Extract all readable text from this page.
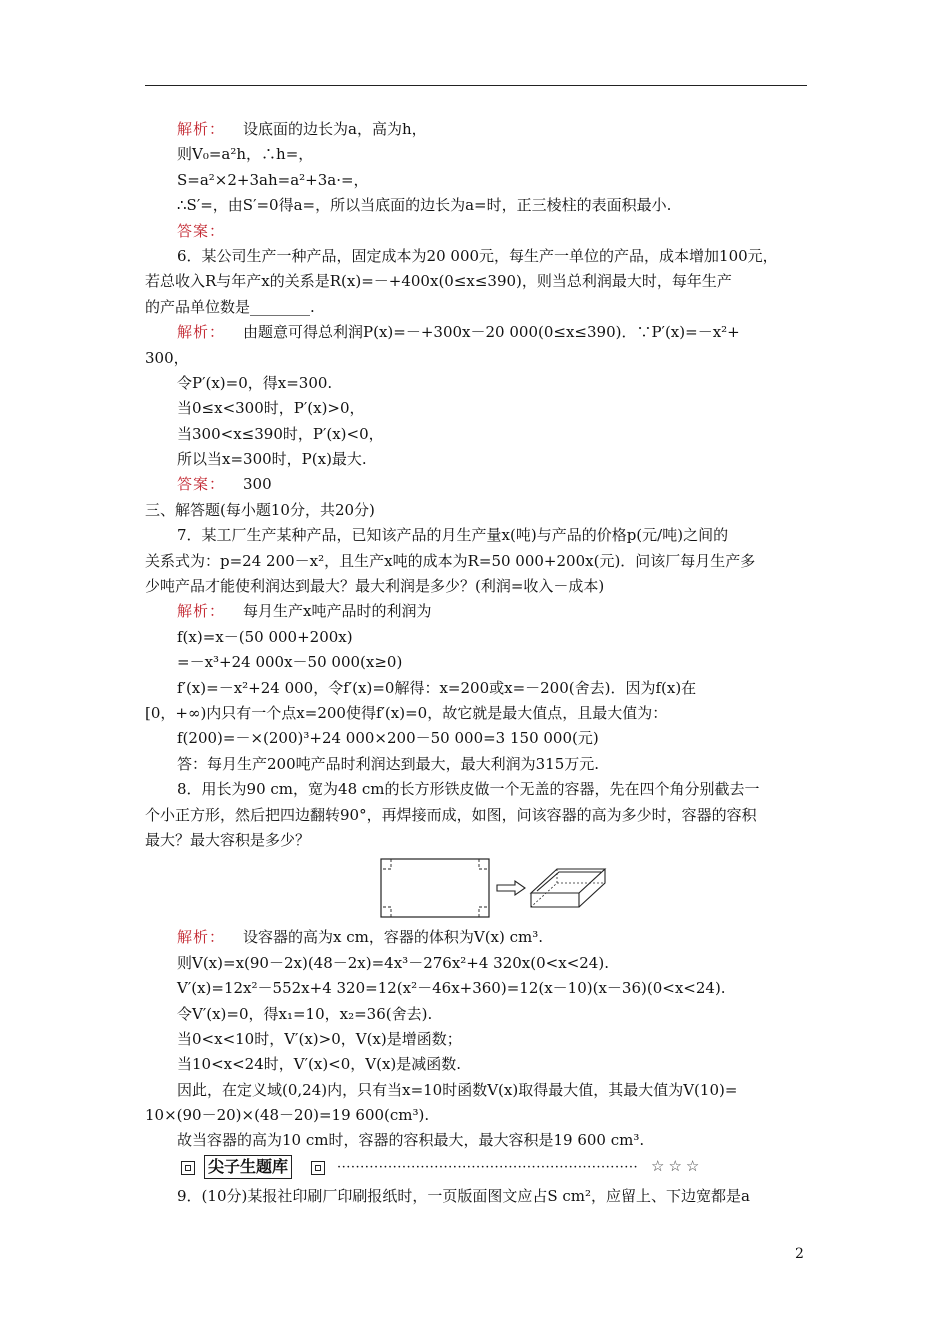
解析： 设底面的边长为a，高为h，
则V₀=a²h，∴h=，
S=a²×2+3ah=a²+3a·=，
∴S′=，由S′=0得a=，所以当底面的边长为a=时，正三棱柱的表面积最小.
答案：
6．某公司生产一种产品，固定成本为20 000元，每生产一单位的产品，成本增加100元，
若总收入R与年产x的关系是R(x)=－+400x(0≤x≤390)，则当总利润最大时，每年生产
的产品单位数是________.
解析： 由题意可得总利润P(x)=－+300x－20 000(0≤x≤390)．∵P′(x)=－x²+
300，
令P′(x)=0，得x=300.
当0≤x<300时，P′(x)>0，
当300<x≤390时，P′(x)<0，
所以当x=300时，P(x)最大.
答案： 300
三、解答题(每小题10分，共20分)
7．某工厂生产某种产品，已知该产品的月生产量x(吨)与产品的价格p(元/吨)之间的
关系式为：p=24 200－x²，且生产x吨的成本为R=50 000+200x(元)．问该厂每月生产多
少吨产品才能使利润达到最大？最大利润是多少？(利润=收入－成本)
解析： 每月生产x吨产品时的利润为
f(x)=x－(50 000+200x)
=－x³+24 000x－50 000(x≥0)
f′(x)=－x²+24 000，令f′(x)=0解得：x=200或x=－200(舍去)．因为f(x)在
[0，+∞)内只有一个点x=200使得f′(x)=0，故它就是最大值点，且最大值为：
f(200)=－×(200)³+24 000×200－50 000=3 150 000(元)
答：每月生产200吨产品时利润达到最大，最大利润为315万元.
8．用长为90 cm，宽为48 cm的长方形铁皮做一个无盖的容器，先在四个角分别截去一
个小正方形，然后把四边翻转90°，再焊接而成，如图，问该容器的高为多少时，容器的容积
最大？最大容积是多少？
解析： 设容器的高为x cm，容器的体积为V(x) cm³.
则V(x)=x(90－2x)(48－2x)=4x³－276x²+4 320x(0<x<24).
V′(x)=12x²－552x+4 320=12(x²－46x+360)=12(x－10)(x－36)(0<x<24).
令V′(x)=0，得x₁=10，x₂=36(舍去).
当0<x<10时，V′(x)>0，V(x)是增函数；
当10<x<24时，V′(x)<0，V(x)是减函数.
因此，在定义域(0,24)内，只有当x=10时函数V(x)取得最大值，其最大值为V(10)=
10×(90－20)×(48－20)=19 600(cm³).
故当容器的高为10 cm时，容器的容积最大，最大容积是19 600 cm³.
尖子生题库	································································· ☆☆☆
9．(10分)某报社印刷厂印刷报纸时，一页版面图文应占S cm²，应留上、下边宽都是a
2
